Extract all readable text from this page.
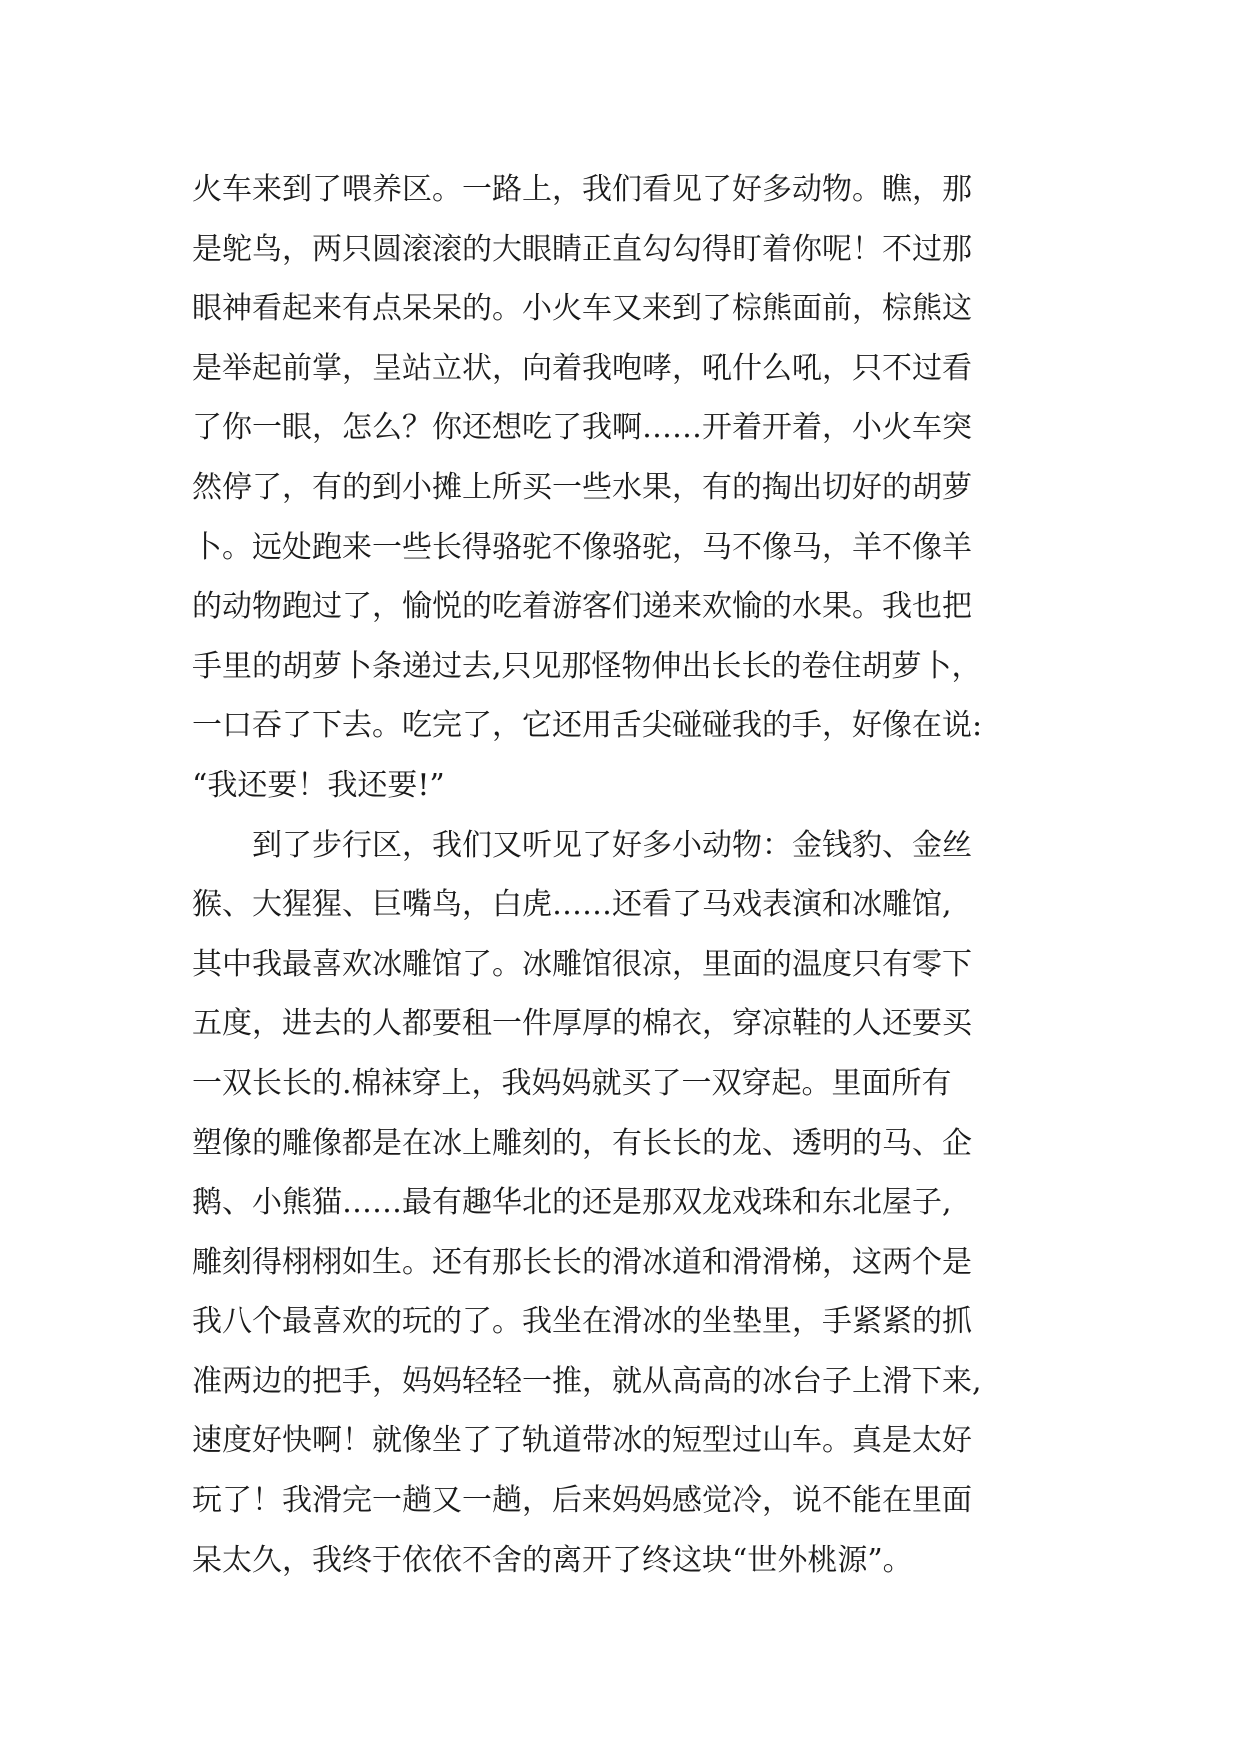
火车来到了喂养区。一路上，我们看见了好多动物。瞧，那
是鸵鸟，两只圆滚滚的大眼睛正直勾勾得盯着你呢！不过那
眼神看起来有点呆呆的。小火车又来到了棕熊面前，棕熊这
是举起前掌，呈站立状，向着我咆哮，吼什么吼，只不过看
了你一眼，怎么？你还想吃了我啊……开着开着，小火车突
然停了，有的到小摊上所买一些水果，有的掏出切好的胡萝
卜。远处跑来一些长得骆驼不像骆驼，马不像马，羊不像羊
的动物跑过了，愉悦的吃着游客们递来欢愉的水果。我也把
手里的胡萝卜条递过去,只见那怪物伸出长长的卷住胡萝卜，
一口吞了下去。吃完了，它还用舌尖碰碰我的手，好像在说:
“我还要！我还要!”
到了步行区，我们又听见了好多小动物：金钱豹、金丝
猴、大猩猩、巨嘴鸟，白虎……还看了马戏表演和冰雕馆,
其中我最喜欢冰雕馆了。冰雕馆很凉，里面的温度只有零下
五度，进去的人都要租一件厚厚的棉衣，穿凉鞋的人还要买
一双长长的.棉袜穿上，我妈妈就买了一双穿起。里面所有
塑像的雕像都是在冰上雕刻的，有长长的龙、透明的马、企
鹅、小熊猫……最有趣华北的还是那双龙戏珠和东北屋子,
雕刻得栩栩如生。还有那长长的滑冰道和滑滑梯，这两个是
我八个最喜欢的玩的了。我坐在滑冰的坐垫里，手紧紧的抓
准两边的把手，妈妈轻轻一推，就从高高的冰台子上滑下来,
速度好快啊！就像坐了了轨道带冰的短型过山车。真是太好
玩了！我滑完一趟又一趟，后来妈妈感觉冷，说不能在里面
呆太久，我终于依依不舍的离开了终这块“世外桃源”。
